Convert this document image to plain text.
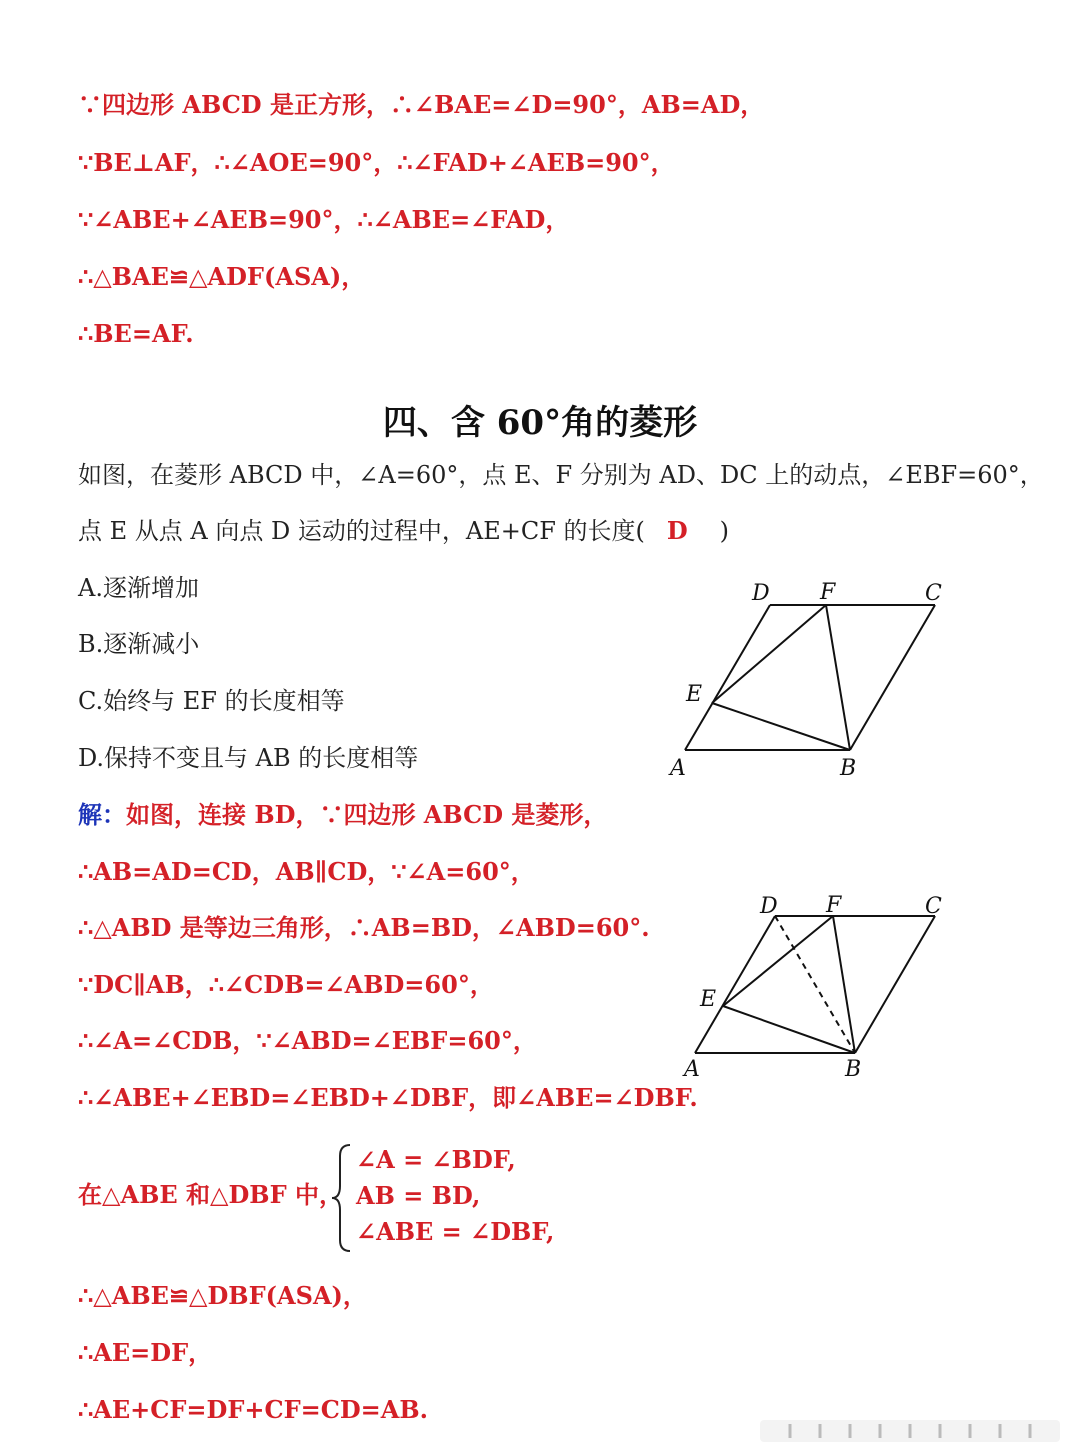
∵四边形 ABCD 是正方形，∴∠BAE=∠D=90°，AB=AD，

∵BE⊥AF，∴∠AOE=90°，∴∠FAD+∠AEB=90°，

∵∠ABE+∠AEB=90°，∴∠ABE=∠FAD，

∴△BAE≌△ADF(ASA)，

∴BE=AF.

四、含 60°角的菱形

如图，在菱形 ABCD 中，∠A=60°，点 E、F 分别为 AD、DC 上的动点，∠EBF=60°，

点 E 从点 A 向点 D 运动的过程中，AE+CF 的长度( D )

A.逐渐增加

B.逐渐减小

C.始终与 EF 的长度相等

D.保持不变且与 AB 的长度相等

D F	C
E
A	B

解：如图，连接 BD，∵四边形 ABCD 是菱形，

∴AB=AD=CD，AB∥CD，∵∠A=60°，

∴△ABD 是等边三角形，∴AB=BD，∠ABD=60°.

∵DC∥AB，∴∠CDB=∠ABD=60°，

∴∠A=∠CDB，∵∠ABD=∠EBF=60°，

∴∠ABE+∠EBD=∠EBD+∠DBF，即∠ABE=∠DBF.

D F	C
E
A	B

在△ABE 和△DBF 中，

∠A = ∠BDF,
AB = BD,
∠ABE = ∠DBF,

∴△ABE≌△DBF(ASA)，

∴AE=DF，

∴AE+CF=DF+CF=CD=AB.
